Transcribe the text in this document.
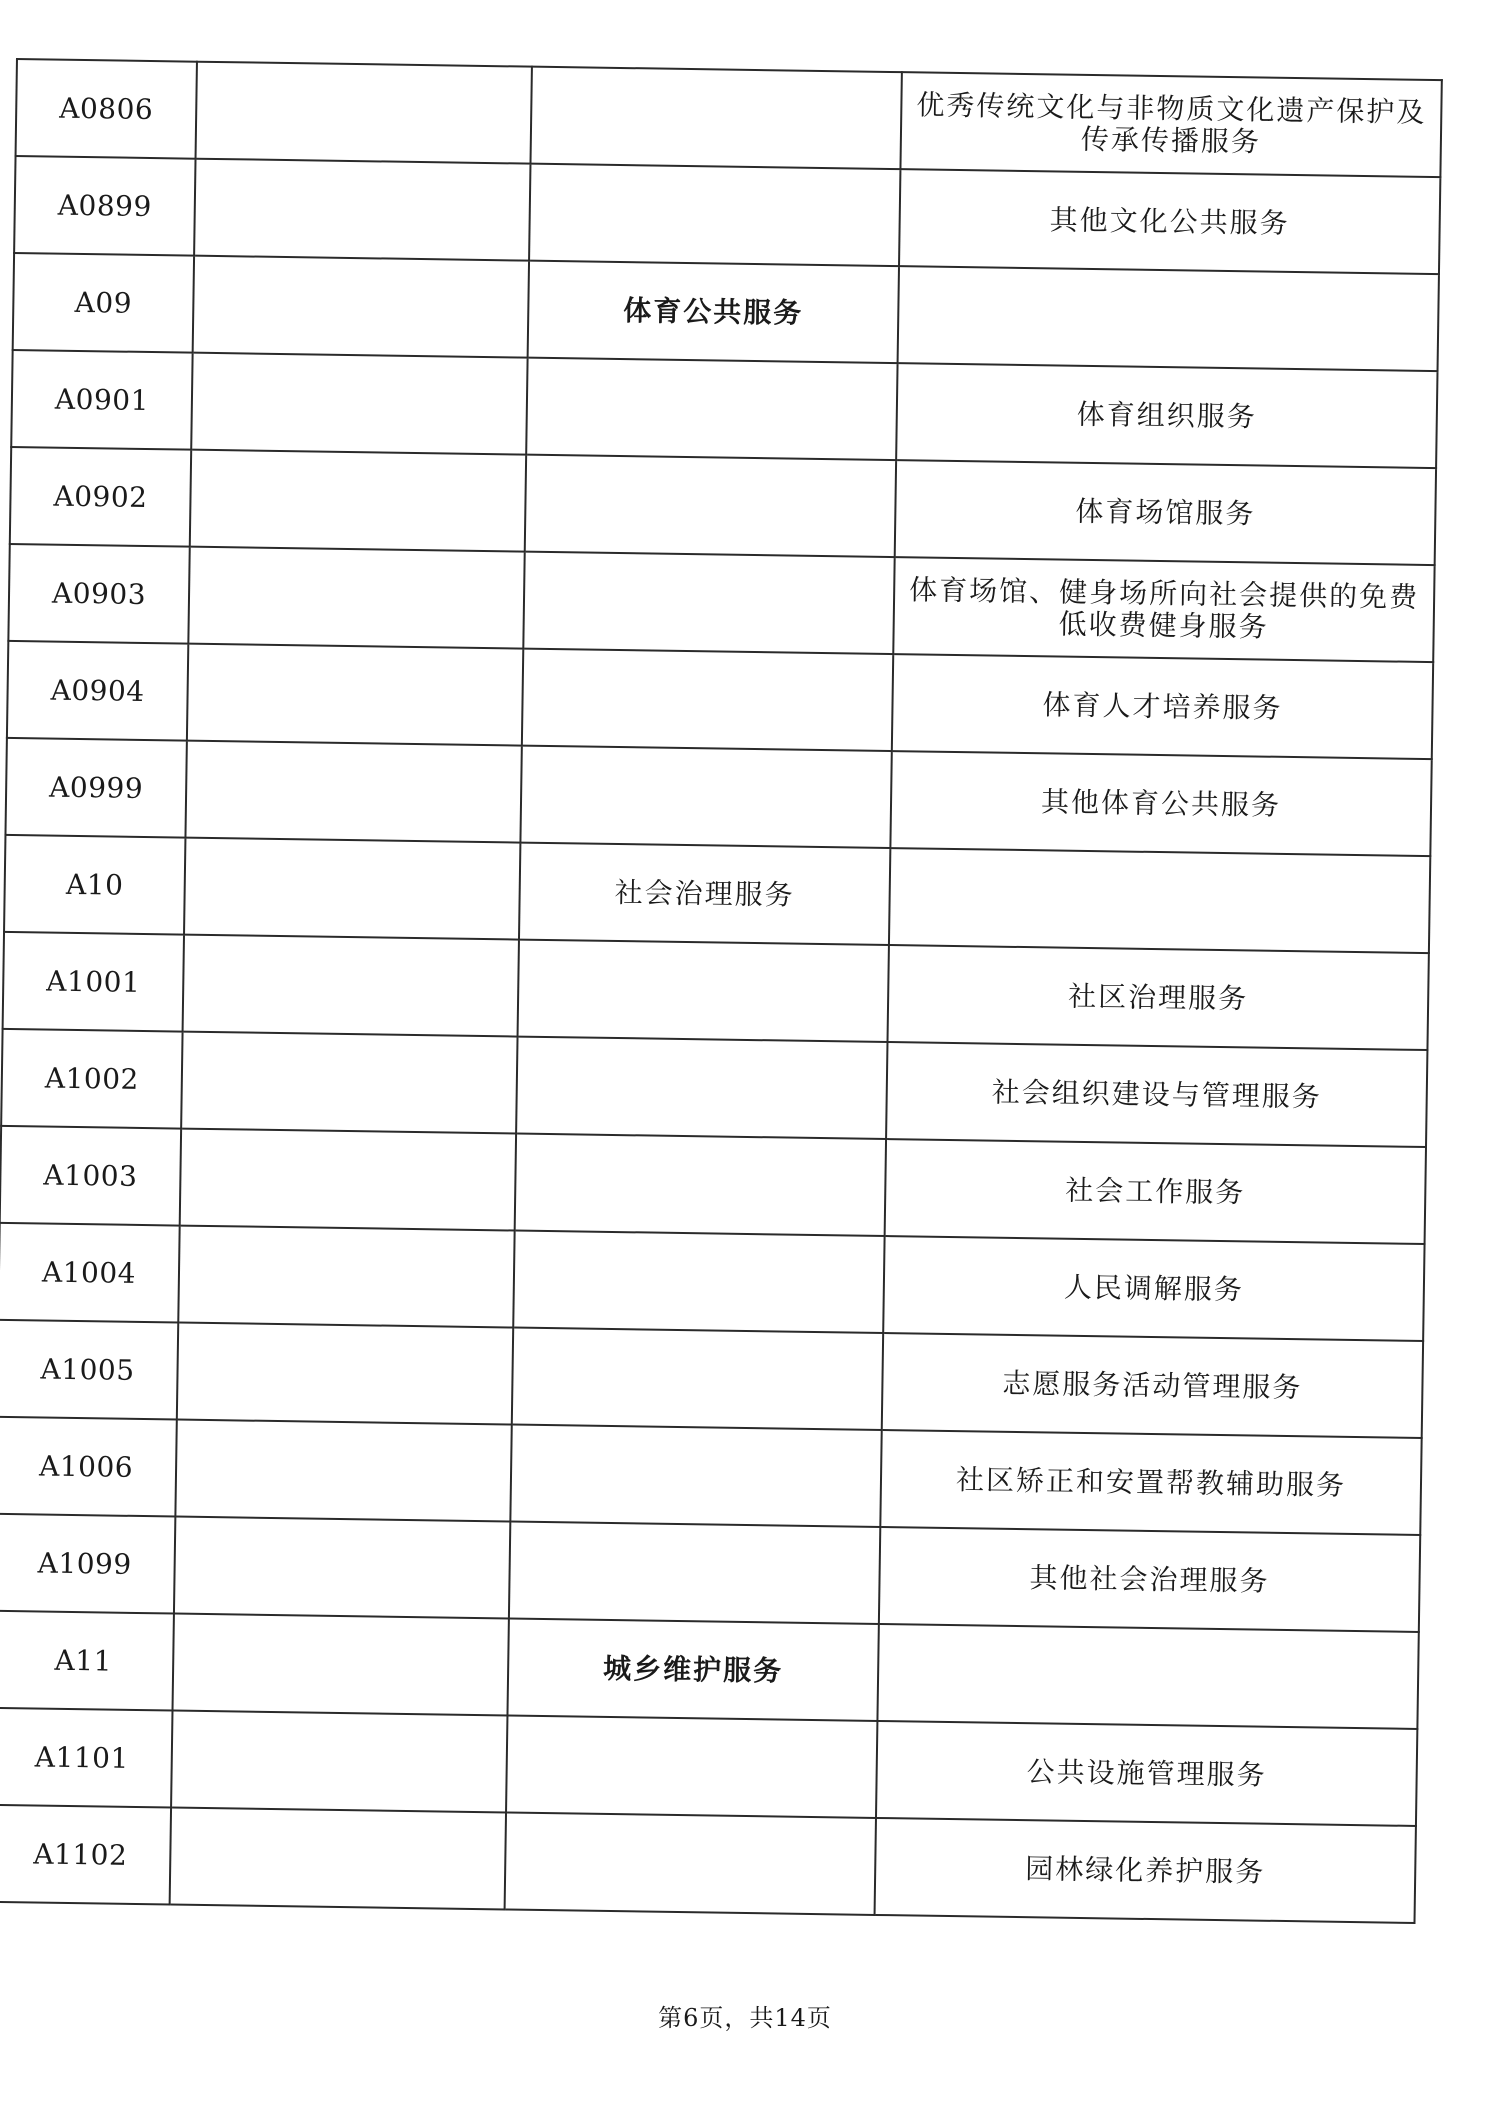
A0806			优秀传统文化与非物质文化遗产保护及传承传播服务
A0899			其他文化公共服务
A09		体育公共服务	
A0901			体育组织服务
A0902			体育场馆服务
A0903			体育场馆、健身场所向社会提供的免费低收费健身服务
A0904			体育人才培养服务
A0999			其他体育公共服务
A10		社会治理服务	
A1001			社区治理服务
A1002			社会组织建设与管理服务
A1003			社会工作服务
A1004			人民调解服务
A1005			志愿服务活动管理服务
A1006			社区矫正和安置帮教辅助服务
A1099			其他社会治理服务
A11		城乡维护服务	
A1101			公共设施管理服务
A1102			园林绿化养护服务
第6页，共14页
